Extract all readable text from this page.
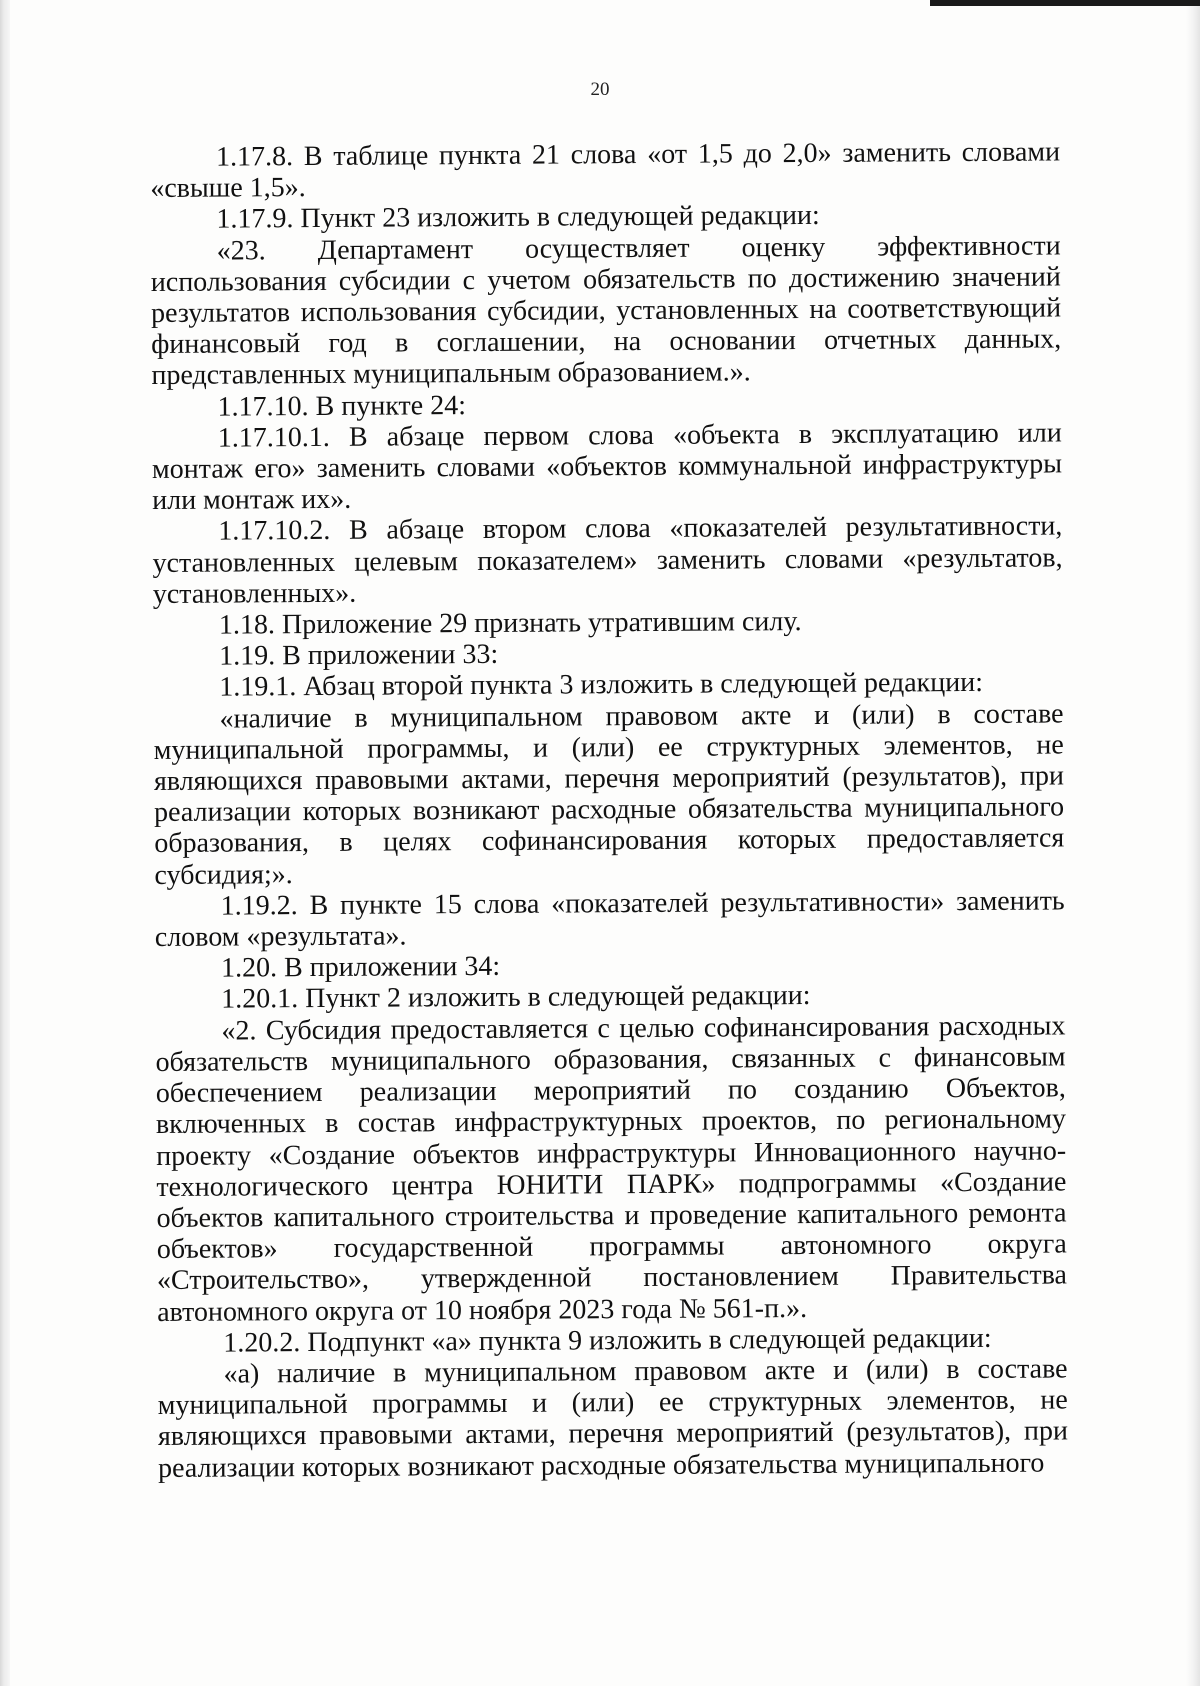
20

1.17.8. В таблице пункта 21 слова «от 1,5 до 2,0» заменить словами «свыше 1,5».

1.17.9. Пункт 23 изложить в следующей редакции:

«23. Департамент осуществляет оценку эффективности использования субсидии с учетом обязательств по достижению значений результатов использования субсидии, установленных на соответствующий финансовый год в соглашении, на основании отчетных данных, представленных муниципальным образованием.».

1.17.10. В пункте 24:

1.17.10.1. В абзаце первом слова «объекта в эксплуатацию или монтаж его» заменить словами «объектов коммунальной инфраструктуры или монтаж их».

1.17.10.2. В абзаце втором слова «показателей результативности, установленных целевым показателем» заменить словами «результатов, установленных».

1.18. Приложение 29 признать утратившим силу.

1.19. В приложении 33:

1.19.1. Абзац второй пункта 3 изложить в следующей редакции:

«наличие в муниципальном правовом акте и (или) в составе муниципальной программы, и (или) ее структурных элементов, не являющихся правовыми актами, перечня мероприятий (результатов), при реализации которых возникают расходные обязательства муниципального образования, в целях софинансирования которых предоставляется субсидия;».

1.19.2. В пункте 15 слова «показателей результативности» заменить словом «результата».

1.20. В приложении 34:

1.20.1. Пункт 2 изложить в следующей редакции:

«2. Субсидия предоставляется с целью софинансирования расходных обязательств муниципального образования, связанных с финансовым обеспечением реализации мероприятий по созданию Объектов, включенных в состав инфраструктурных проектов, по региональному проекту «Создание объектов инфраструктуры Инновационного научно-технологического центра ЮНИТИ ПАРК» подпрограммы «Создание объектов капитального строительства и проведение капитального ремонта объектов» государственной программы автономного округа «Строительство», утвержденной постановлением Правительства автономного округа от 10 ноября 2023 года № 561-п.».

1.20.2. Подпункт «а» пункта 9 изложить в следующей редакции:

«а) наличие в муниципальном правовом акте и (или) в составе муниципальной программы и (или) ее структурных элементов, не являющихся правовыми актами, перечня мероприятий (результатов), при реализации которых возникают расходные обязательства муниципального
